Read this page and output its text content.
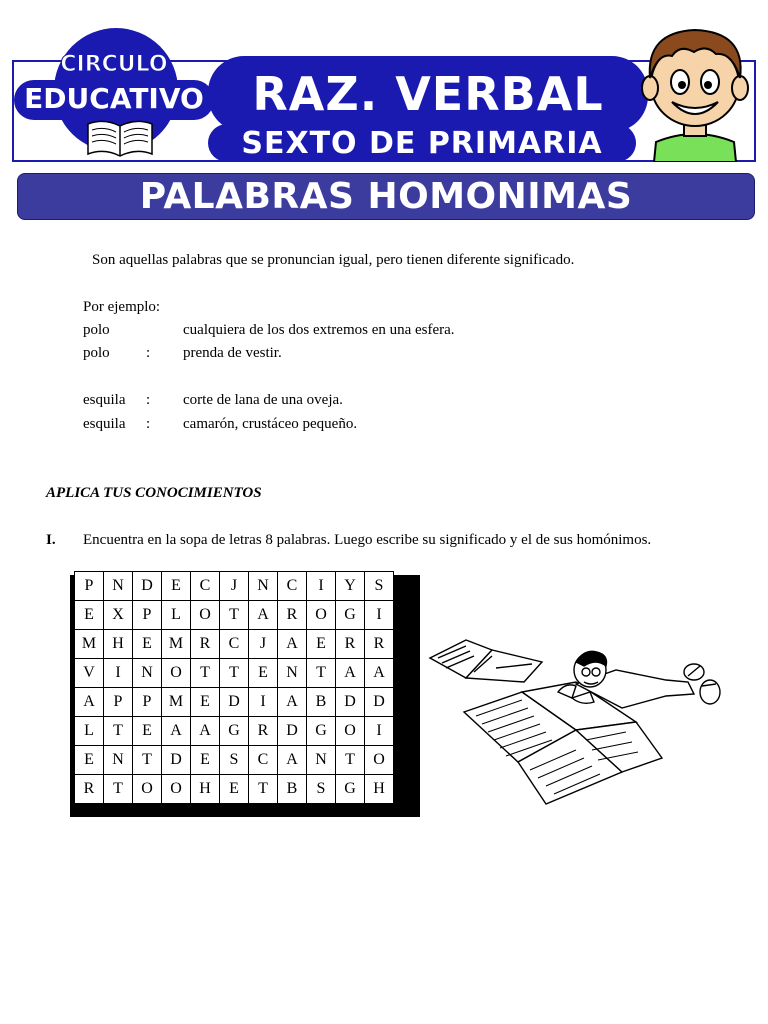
RAZ. VERBAL
SEXTO DE PRIMARIA
CIRCULO
EDUCATIVO
PALABRAS HOMONIMAS
Son aquellas palabras que se pronuncian igual, pero tienen diferente significado.
Por ejemplo:
polo	cualquiera de los dos extremos en una esfera.
polo : prenda de vestir.
esquila : corte de lana de una oveja.
esquila : camarón, crustáceo pequeño.
APLICA TUS CONOCIMIENTOS
I. Encuentra en la sopa de letras 8 palabras. Luego escribe su significado y el de sus homónimos.
P	N	D	E	C	J	N	C	I	Y	S
E	X	P	L	O	T	A	R	O	G	I
M	H	E	M	R	C	J	A	E	R	R
V	I	N	O	T	T	E	N	T	A	A
A	P	P	M	E	D	I	A	B	D	D
L	T	E	A	A	G	R	D	G	O	I
E	N	T	D	E	S	C	A	N	T	O
R	T	O	O	H	E	T	B	S	G	H
